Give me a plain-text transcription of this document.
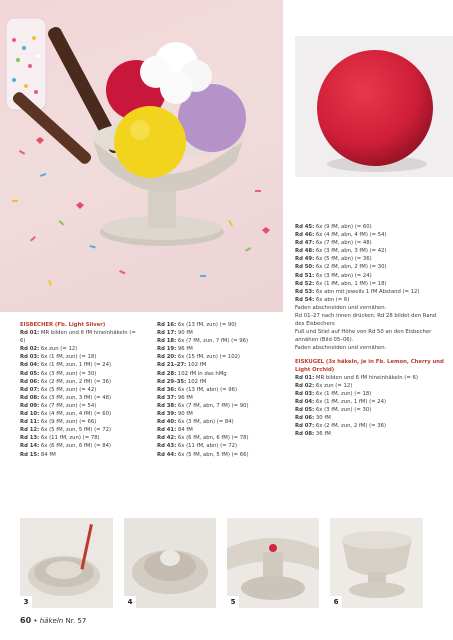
EISBECHER (Fb. Light Silver)
Rd 01: MR bilden und 6 fM hineinhäkeln (= 6)
Rd 02: 6x zun (= 12)
Rd 03: 6x (1 fM, zun) (= 18)
Rd 04: 6x (1 fM, zun, 1 fM) (= 24)
Rd 05: 6x (3 fM, zun) (= 30)
Rd 06: 6x (2 fM, zun, 2 fM) (= 36)
Rd 07: 6x (5 fM, zun) (= 42)
Rd 08: 6x (3 fM, zun, 3 fM) (= 48)
Rd 09: 6x (7 fM, zun) (= 54)
Rd 10: 6x (4 fM, zun, 4 fM) (= 60)
Rd 11: 6x (9 fM, zun) (= 66)
Rd 12: 6x (5 fM, zun, 5 fM) (= 72)
Rd 13: 6x (11 fM, zun) (= 78)
Rd 14: 6x (6 fM, zun, 6 fM) (= 84)
Rd 15: 84 fM
Rd 16: 6x (13 fM, zun) (= 90)
Rd 17: 90 fM
Rd 18: 6x (7 fM, zun, 7 fM) (= 96)
Rd 19: 96 fM
Rd 20: 6x (15 fM, zun) (= 102)
Rd 21–27: 102 fM
Rd 28: 102 fM in das hMg
Rd 29–35: 102 fM
Rd 36: 6x (13 fM, abn) (= 96)
Rd 37: 96 fM
Rd 38: 6x (7 fM, abn, 7 fM) (= 90)
Rd 39: 90 fM
Rd 40: 6x (3 fM, abn) (= 84)
Rd 41: 84 fM
Rd 42: 6x (6 fM, abn, 6 fM) (= 78)
Rd 43: 6x (11 fM, abn) (= 72)
Rd 44: 6x (5 fM, abn, 5 fM) (= 66)
Rd 45: 6x (9 fM, abn) (= 60)
Rd 46: 6x (4 fM, abn, 4 fM) (= 54)
Rd 47: 6x (7 fM, abn) (= 48)
Rd 48: 6x (3 fM, abn, 3 fM) (= 42)
Rd 49: 6x (5 fM, abn) (= 36)
Rd 50: 6x (2 fM, abn, 2 fM) (= 30)
Rd 51: 6x (3 fM, abn) (= 24)
Rd 52: 6x (1 fM, abn, 1 fM) (= 18)
Rd 53: 6x abn mit jeweils 1 fM Abstand (= 12)
Rd 54: 6x abn (= 6)
Faden abschneiden und vernähen.
Rd 01–27 nach innen drücken. Rd 28 bildet den Rand des Eisbechers
Fuß und Stiel auf Höhe von Rd 50 an den Eisbecher annähen (Bild 05–06).
Faden abschneiden und vernähen.
EISKUGEL (3x häkeln, je in Fb. Lemon, Cherry und Light Orchid)
Rd 01: MR bilden und 6 fM hineinhäkeln (= 6)
Rd 02: 6x zun (= 12)
Rd 03: 6x (1 fM, zun) (= 18)
Rd 04: 6x (1 fM, zun, 1 fM) (= 24)
Rd 05: 6x (3 fM, zun) (= 30)
Rd 06: 30 fM
Rd 07: 6x (2 fM, zun, 2 fM) (= 36)
Rd 08: 36 fM
3	4	5	6
60 • häkeln Nr. 57
